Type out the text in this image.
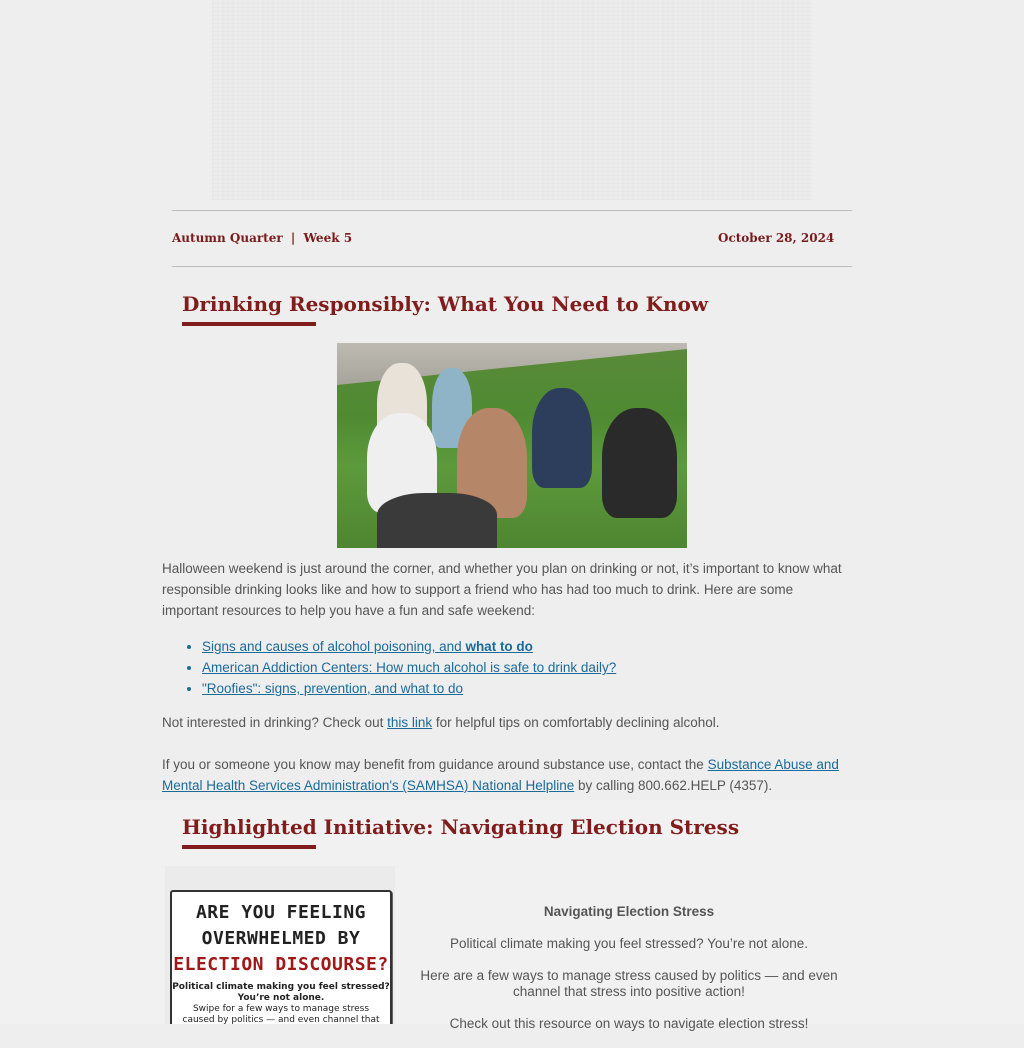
Autumn Quarter | Week 5	October 28, 2024
Drinking Responsibly: What You Need to Know

Halloween weekend is just around the corner, and whether you plan on drinking or not, it’s important to know what responsible drinking looks like and how to support a friend who has had too much to drink. Here are some important resources to help you have a fun and safe weekend:

• Signs and causes of alcohol poisoning, and what to do
• American Addiction Centers: How much alcohol is safe to drink daily?
• "Roofies": signs, prevention, and what to do

Not interested in drinking? Check out this link for helpful tips on comfortably declining alcohol.

If you or someone you know may benefit from guidance around substance use, contact the Substance Abuse and Mental Health Services Administration's (SAMHSA) National Helpline by calling 800.662.HELP (4357).

Highlighted Initiative: Navigating Election Stress
ARE YOU FEELING
OVERWHELMED BY
ELECTION DISCOURSE?
Political climate making you feel stressed?
You’re not alone.
Swipe for a few ways to manage stress
caused by politics — and even channel that

Navigating Election Stress

Political climate making you feel stressed? You’re not alone.

Here are a few ways to manage stress caused by politics — and even channel that stress into positive action!

Check out this resource on ways to navigate election stress!
